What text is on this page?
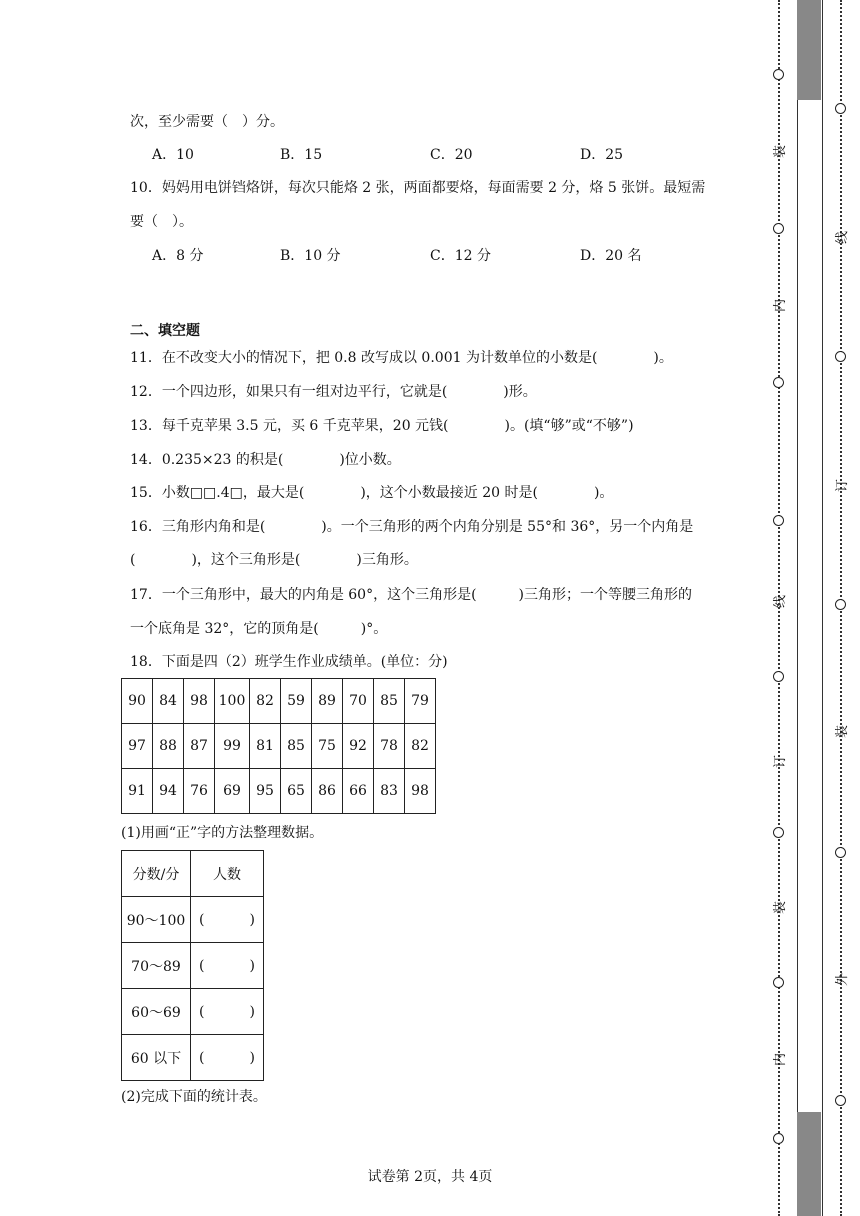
次，至少需要（　）分。
A．10	B．15	C．20	D．25
10．妈妈用电饼铛烙饼，每次只能烙 2 张，两面都要烙，每面需要 2 分，烙 5 张饼。最短需
要（　）。
A．8 分	B．10 分	C．12 分	D．20 名
二、填空题
11．在不改变大小的情况下，把 0.8 改写成以 0.001 为计数单位的小数是(　　　　)。
12．一个四边形，如果只有一组对边平行，它就是(　　　　)形。
13．每千克苹果 3.5 元，买 6 千克苹果，20 元钱(　　　　)。(填“够”或“不够”)
14．0.235×23 的积是(　　　　)位小数。
15．小数□□.4□，最大是(　　　　)，这个小数最接近 20 时是(　　　　)。
16．三角形内角和是(　　　　)。一个三角形的两个内角分别是 55°和 36°，另一个内角是
(　　　　)，这个三角形是(　　　　)三角形。
17．一个三角形中，最大的内角是 60°，这个三角形是(　　　)三角形；一个等腰三角形的
一个底角是 32°，它的顶角是(　　　)°。
18．下面是四（2）班学生作业成绩单。(单位：分)
90	84	98	100	82	59	89	70	85	79
97	88	87	99	81	85	75	92	78	82
91	94	76	69	95	65	86	66	83	98
(1)用画“正”字的方法整理数据。
分数/分	人数
90～100	( )

70～89	( )

60～69	( )

60 以下	( )
(2)完成下面的统计表。
试卷第 2页，共 4页
装
内
线
订
装
内
线
订
装
外
